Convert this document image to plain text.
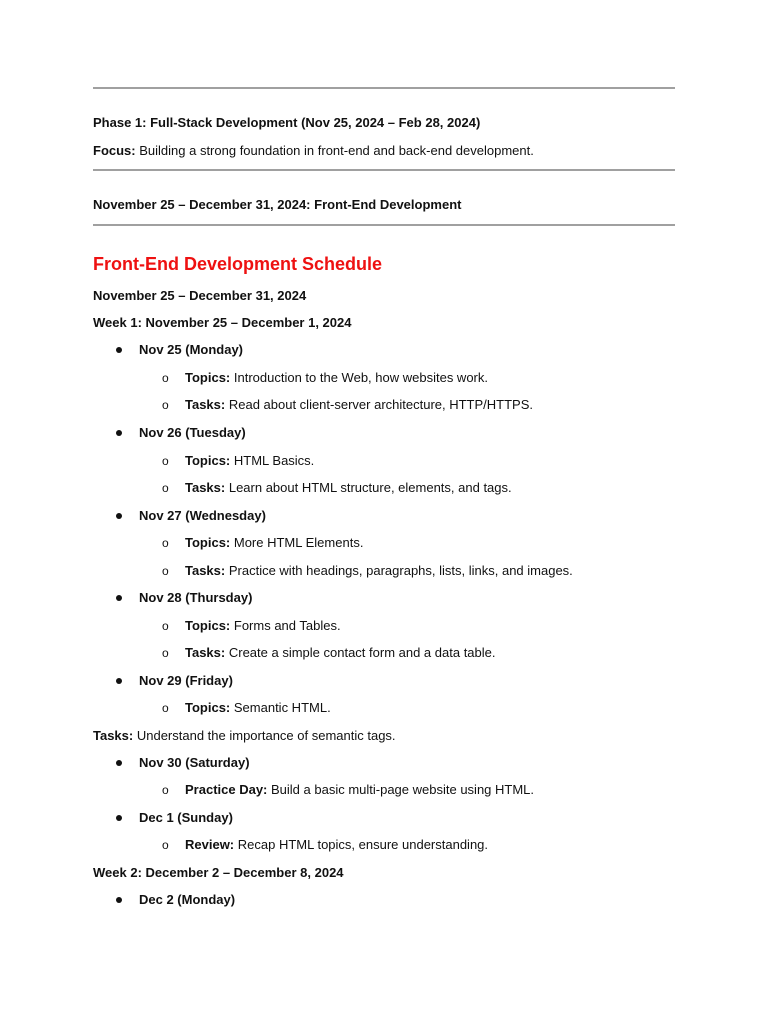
Phase 1: Full-Stack Development (Nov 25, 2024 – Feb 28, 2024)
Focus: Building a strong foundation in front-end and back-end development.
November 25 – December 31, 2024: Front-End Development
Front-End Development Schedule
November 25 – December 31, 2024
Week 1: November 25 – December 1, 2024
Nov 25 (Monday)
o Topics: Introduction to the Web, how websites work.
o Tasks: Read about client-server architecture, HTTP/HTTPS.
Nov 26 (Tuesday)
o Topics: HTML Basics.
o Tasks: Learn about HTML structure, elements, and tags.
Nov 27 (Wednesday)
o Topics: More HTML Elements.
o Tasks: Practice with headings, paragraphs, lists, links, and images.
Nov 28 (Thursday)
o Topics: Forms and Tables.
o Tasks: Create a simple contact form and a data table.
Nov 29 (Friday)
o Topics: Semantic HTML.
Tasks: Understand the importance of semantic tags.
Nov 30 (Saturday)
o Practice Day: Build a basic multi-page website using HTML.
Dec 1 (Sunday)
o Review: Recap HTML topics, ensure understanding.
Week 2: December 2 – December 8, 2024
Dec 2 (Monday)
